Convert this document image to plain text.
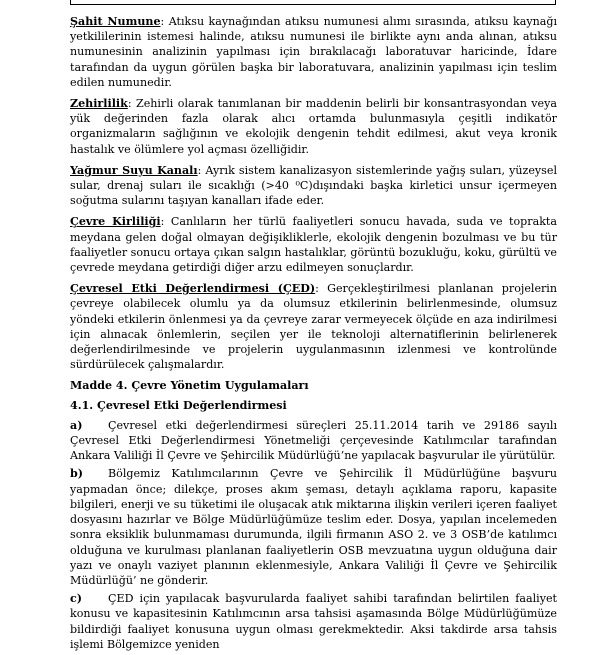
Şahit Numune: Atıksu kaynağından atıksu numunesi alımı sırasında, atıksu kaynağı yetkililerinin istemesi halinde, atıksu numunesi ile birlikte aynı anda alınan, atıksu numunesinin analizinin yapılması için bırakılacağı laboratuvar haricinde, İdare tarafından da uygun görülen başka bir laboratuvara, analizinin yapılması için teslim edilen numunedir.

Zehirlilik: Zehirli olarak tanımlanan bir maddenin belirli bir konsantrasyondan veya yük değerinden fazla olarak alıcı ortamda bulunmasıyla çeşitli indikatör organizmaların sağlığının ve ekolojik dengenin tehdit edilmesi, akut veya kronik hastalık ve ölümlere yol açması özelliğidir.

Yağmur Suyu Kanalı: Ayrık sistem kanalizasyon sistemlerinde yağış suları, yüzeysel sular, drenaj suları ile sıcaklığı (>40 ⁰C)dışındaki başka kirletici unsur içermeyen soğutma sularını taşıyan kanalları ifade eder.

Çevre Kirliliği: Canlıların her türlü faaliyetleri sonucu havada, suda ve toprakta meydana gelen doğal olmayan değişikliklerle, ekolojik dengenin bozulması ve bu tür faaliyetler sonucu ortaya çıkan salgın hastalıklar, görüntü bozukluğu, koku, gürültü ve çevrede meydana getirdiği diğer arzu edilmeyen sonuçlardır.

Çevresel Etki Değerlendirmesi (ÇED): Gerçekleştirilmesi planlanan projelerin çevreye olabilecek olumlu ya da olumsuz etkilerinin belirlenmesinde, olumsuz yöndeki etkilerin önlenmesi ya da çevreye zarar vermeyecek ölçüde en aza indirilmesi için alınacak önlemlerin, seçilen yer ile teknoloji alternatiflerinin belirlenerek değerlendirilmesinde ve projelerin uygulanmasının izlenmesi ve kontrolünde sürdürülecek çalışmalardır.

Madde 4. Çevre Yönetim Uygulamaları
4.1. Çevresel Etki Değerlendirmesi

a) Çevresel etki değerlendirmesi süreçleri 25.11.2014 tarih ve 29186 sayılı Çevresel Etki Değerlendirmesi Yönetmeliği çerçevesinde Katılımcılar tarafından Ankara Valiliği İl Çevre ve Şehircilik Müdürlüğü’ne yapılacak başvurular ile yürütülür.

b) Bölgemiz Katılımcılarının Çevre ve Şehircilik İl Müdürlüğüne başvuru yapmadan önce; dilekçe, proses akım şeması, detaylı açıklama raporu, kapasite bilgileri, enerji ve su tüketimi ile oluşacak atık miktarına ilişkin verileri içeren faaliyet dosyasını hazırlar ve Bölge Müdürlüğümüze teslim eder. Dosya, yapılan incelemeden sonra eksiklik bulunmaması durumunda, ilgili firmanın ASO 2. ve 3 OSB’de katılımcı olduğuna ve kurulması planlanan faaliyetlerin OSB mevzuatına uygun olduğuna dair yazı ve onaylı vaziyet planının eklenmesiyle, Ankara Valiliği İl Çevre ve Şehircilik Müdürlüğü’ ne gönderir.

c) ÇED için yapılacak başvurularda faaliyet sahibi tarafından belirtilen faaliyet konusu ve kapasitesinin Katılımcının arsa tahsisi aşamasında Bölge Müdürlüğümüze bildirdiği faaliyet konusuna uygun olması gerekmektedir. Aksi takdirde arsa tahsis işlemi Bölgemizce yeniden
